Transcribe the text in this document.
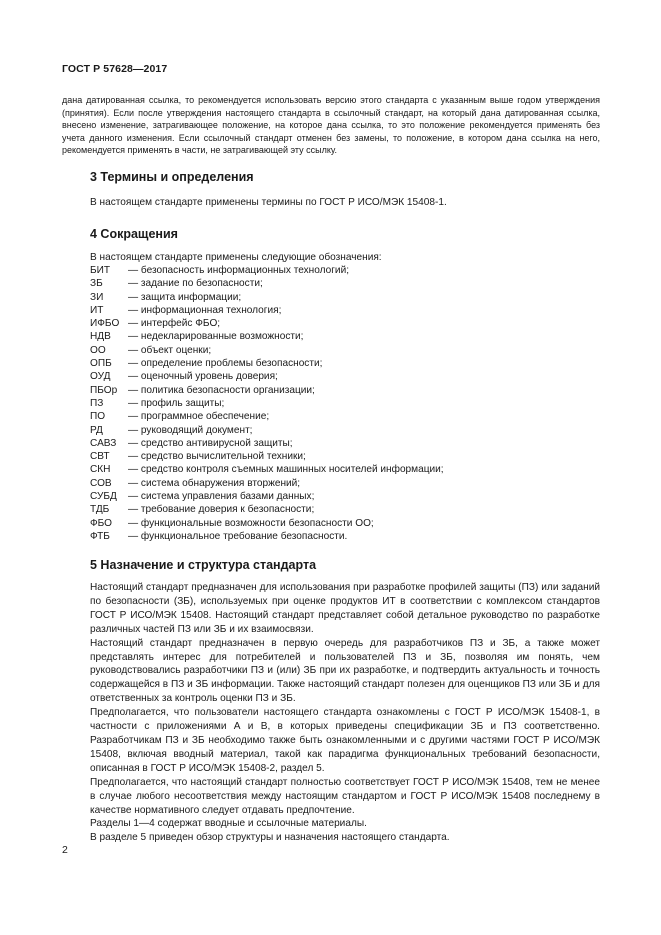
ГОСТ Р 57628—2017

дана датированная ссылка, то рекомендуется использовать версию этого стандарта с указанным выше годом утверждения (принятия). Если после утверждения настоящего стандарта в ссылочный стандарт, на который дана датированная ссылка, внесено изменение, затрагивающее положение, на которое дана ссылка, то это положение рекомендуется применять без учета данного изменения. Если ссылочный стандарт отменен без замены, то положение, в котором дана ссылка на него, рекомендуется применять в части, не затрагивающей эту ссылку.

3 Термины и определения

В настоящем стандарте применены термины по ГОСТ Р ИСО/МЭК 15408-1.

4 Сокращения
В настоящем стандарте применены следующие обозначения:
БИТ	— безопасность информационных технологий;
ЗБ	— задание по безопасности;
ЗИ	— защита информации;
ИТ	— информационная технология;
ИФБО — интерфейс ФБО;
НДВ	— недекларированные возможности;
ОО	— объект оценки;
ОПБ	— определение проблемы безопасности;
ОУД	— оценочный уровень доверия;
ПБОр	— политика безопасности организации;
ПЗ	— профиль защиты;
ПО	— программное обеспечение;
РД	— руководящий документ;
САВЗ	— средство антивирусной защиты;
СВТ	— средство вычислительной техники;
СКН	— средство контроля съемных машинных носителей информации;
СОВ	— система обнаружения вторжений;
СУБД	— система управления базами данных;
ТДБ	— требование доверия к безопасности;
ФБО	— функциональные возможности безопасности ОО;
ФТБ	— функциональное требование безопасности.
5 Назначение и структура стандарта

Настоящий стандарт предназначен для использования при разработке профилей защиты (ПЗ) или заданий по безопасности (ЗБ), используемых при оценке продуктов ИТ в соответствии с комплексом стандартов ГОСТ Р ИСО/МЭК 15408. Настоящий стандарт представляет собой детальное руководство по разработке различных частей ПЗ или ЗБ и их взаимосвязи.

Настоящий стандарт предназначен в первую очередь для разработчиков ПЗ и ЗБ, а также может представлять интерес для потребителей и пользователей ПЗ и ЗБ, позволяя им понять, чем руководствовались разработчики ПЗ и (или) ЗБ при их разработке, и подтвердить актуальность и точность содержащейся в ПЗ и ЗБ информации. Также настоящий стандарт полезен для оценщиков ПЗ или ЗБ и для ответственных за контроль оценки ПЗ и ЗБ.

Предполагается, что пользователи настоящего стандарта ознакомлены с ГОСТ Р ИСО/МЭК 15408-1, в частности с приложениями А и В, в которых приведены спецификации ЗБ и ПЗ соответственно. Разработчикам ПЗ и ЗБ необходимо также быть ознакомленными и с другими частями ГОСТ Р ИСО/МЭК 15408, включая вводный материал, такой как парадигма функциональных требований безопасности, описанная в ГОСТ Р ИСО/МЭК 15408-2, раздел 5.

Предполагается, что настоящий стандарт полностью соответствует ГОСТ Р ИСО/МЭК 15408, тем не менее в случае любого несоответствия между настоящим стандартом и ГОСТ Р ИСО/МЭК 15408 последнему в качестве нормативного следует отдавать предпочтение.

Разделы 1—4 содержат вводные и ссылочные материалы.

В разделе 5 приведен обзор структуры и назначения настоящего стандарта.

2
